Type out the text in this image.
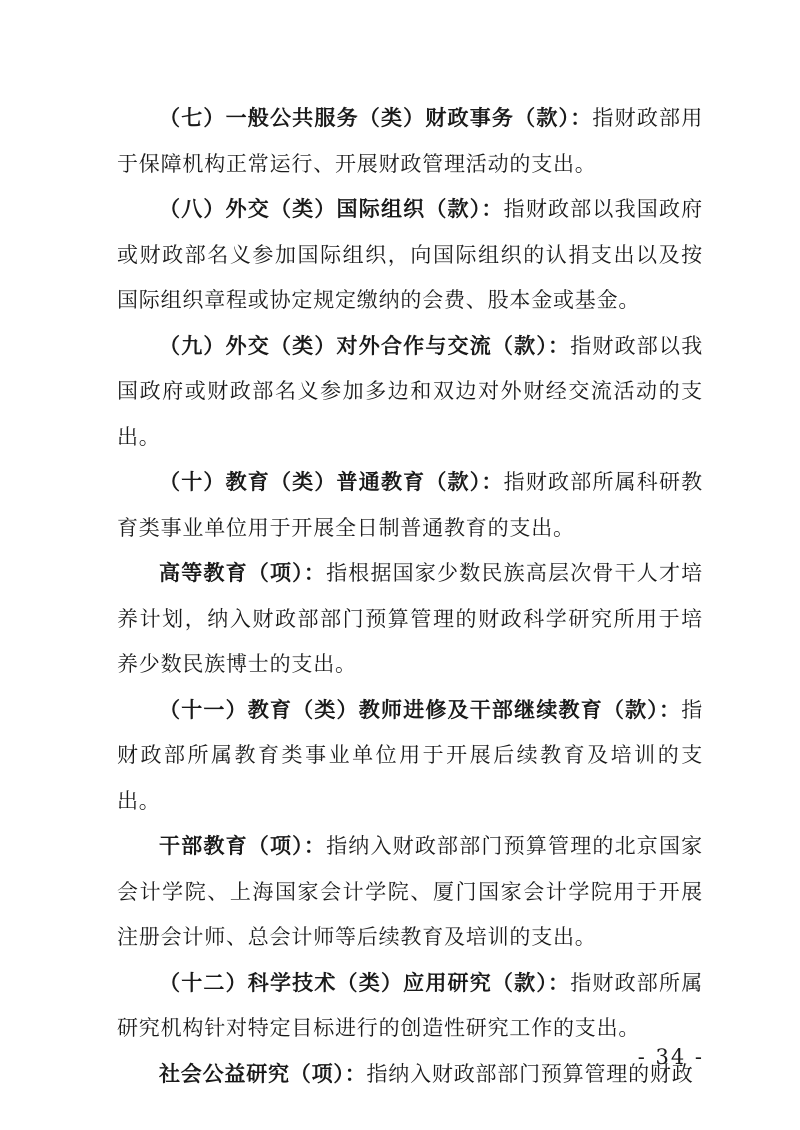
（七）一般公共服务（类）财政事务（款）：指财政部用于保障机构正常运行、开展财政管理活动的支出。

（八）外交（类）国际组织（款）：指财政部以我国政府或财政部名义参加国际组织，向国际组织的认捐支出以及按国际组织章程或协定规定缴纳的会费、股本金或基金。

（九）外交（类）对外合作与交流（款）：指财政部以我国政府或财政部名义参加多边和双边对外财经交流活动的支出。

（十）教育（类）普通教育（款）：指财政部所属科研教育类事业单位用于开展全日制普通教育的支出。

高等教育（项）：指根据国家少数民族高层次骨干人才培养计划，纳入财政部部门预算管理的财政科学研究所用于培养少数民族博士的支出。

（十一）教育（类）教师进修及干部继续教育（款）：指财政部所属教育类事业单位用于开展后续教育及培训的支出。

干部教育（项）：指纳入财政部部门预算管理的北京国家会计学院、上海国家会计学院、厦门国家会计学院用于开展注册会计师、总会计师等后续教育及培训的支出。

（十二）科学技术（类）应用研究（款）：指财政部所属研究机构针对特定目标进行的创造性研究工作的支出。

社会公益研究（项）：指纳入财政部部门预算管理的财政

- 34 -
